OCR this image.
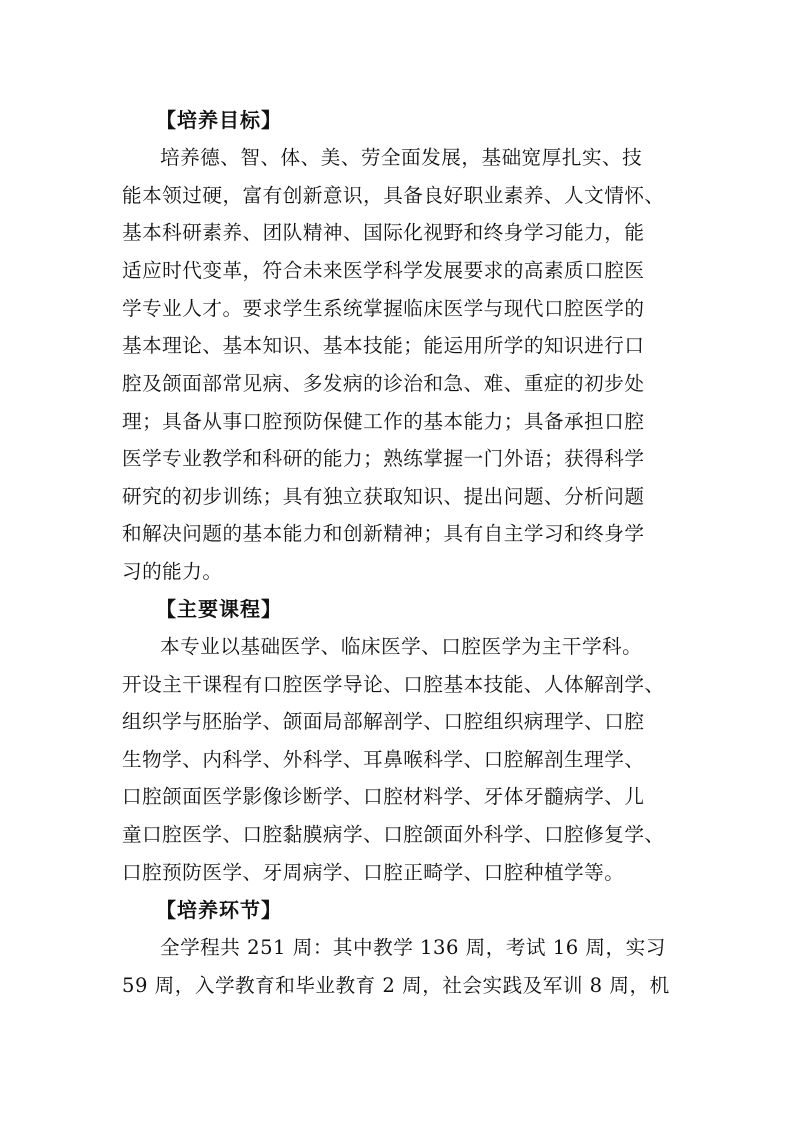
【培养目标】
培养德、智、体、美、劳全面发展，基础宽厚扎实、技
能本领过硬，富有创新意识，具备良好职业素养、人文情怀、
基本科研素养、团队精神、国际化视野和终身学习能力，能
适应时代变革，符合未来医学科学发展要求的高素质口腔医
学专业人才。要求学生系统掌握临床医学与现代口腔医学的
基本理论、基本知识、基本技能；能运用所学的知识进行口
腔及颌面部常见病、多发病的诊治和急、难、重症的初步处
理；具备从事口腔预防保健工作的基本能力；具备承担口腔
医学专业教学和科研的能力；熟练掌握一门外语；获得科学
研究的初步训练；具有独立获取知识、提出问题、分析问题
和解决问题的基本能力和创新精神；具有自主学习和终身学
习的能力。
【主要课程】
本专业以基础医学、临床医学、口腔医学为主干学科。
开设主干课程有口腔医学导论、口腔基本技能、人体解剖学、
组织学与胚胎学、颌面局部解剖学、口腔组织病理学、口腔
生物学、内科学、外科学、耳鼻喉科学、口腔解剖生理学、
口腔颌面医学影像诊断学、口腔材料学、牙体牙髓病学、儿
童口腔医学、口腔黏膜病学、口腔颌面外科学、口腔修复学、
口腔预防医学、牙周病学、口腔正畸学、口腔种植学等。
【培养环节】
全学程共 251 周：其中教学 136 周，考试 16 周，实习
59 周，入学教育和毕业教育 2 周，社会实践及军训 8 周，机
